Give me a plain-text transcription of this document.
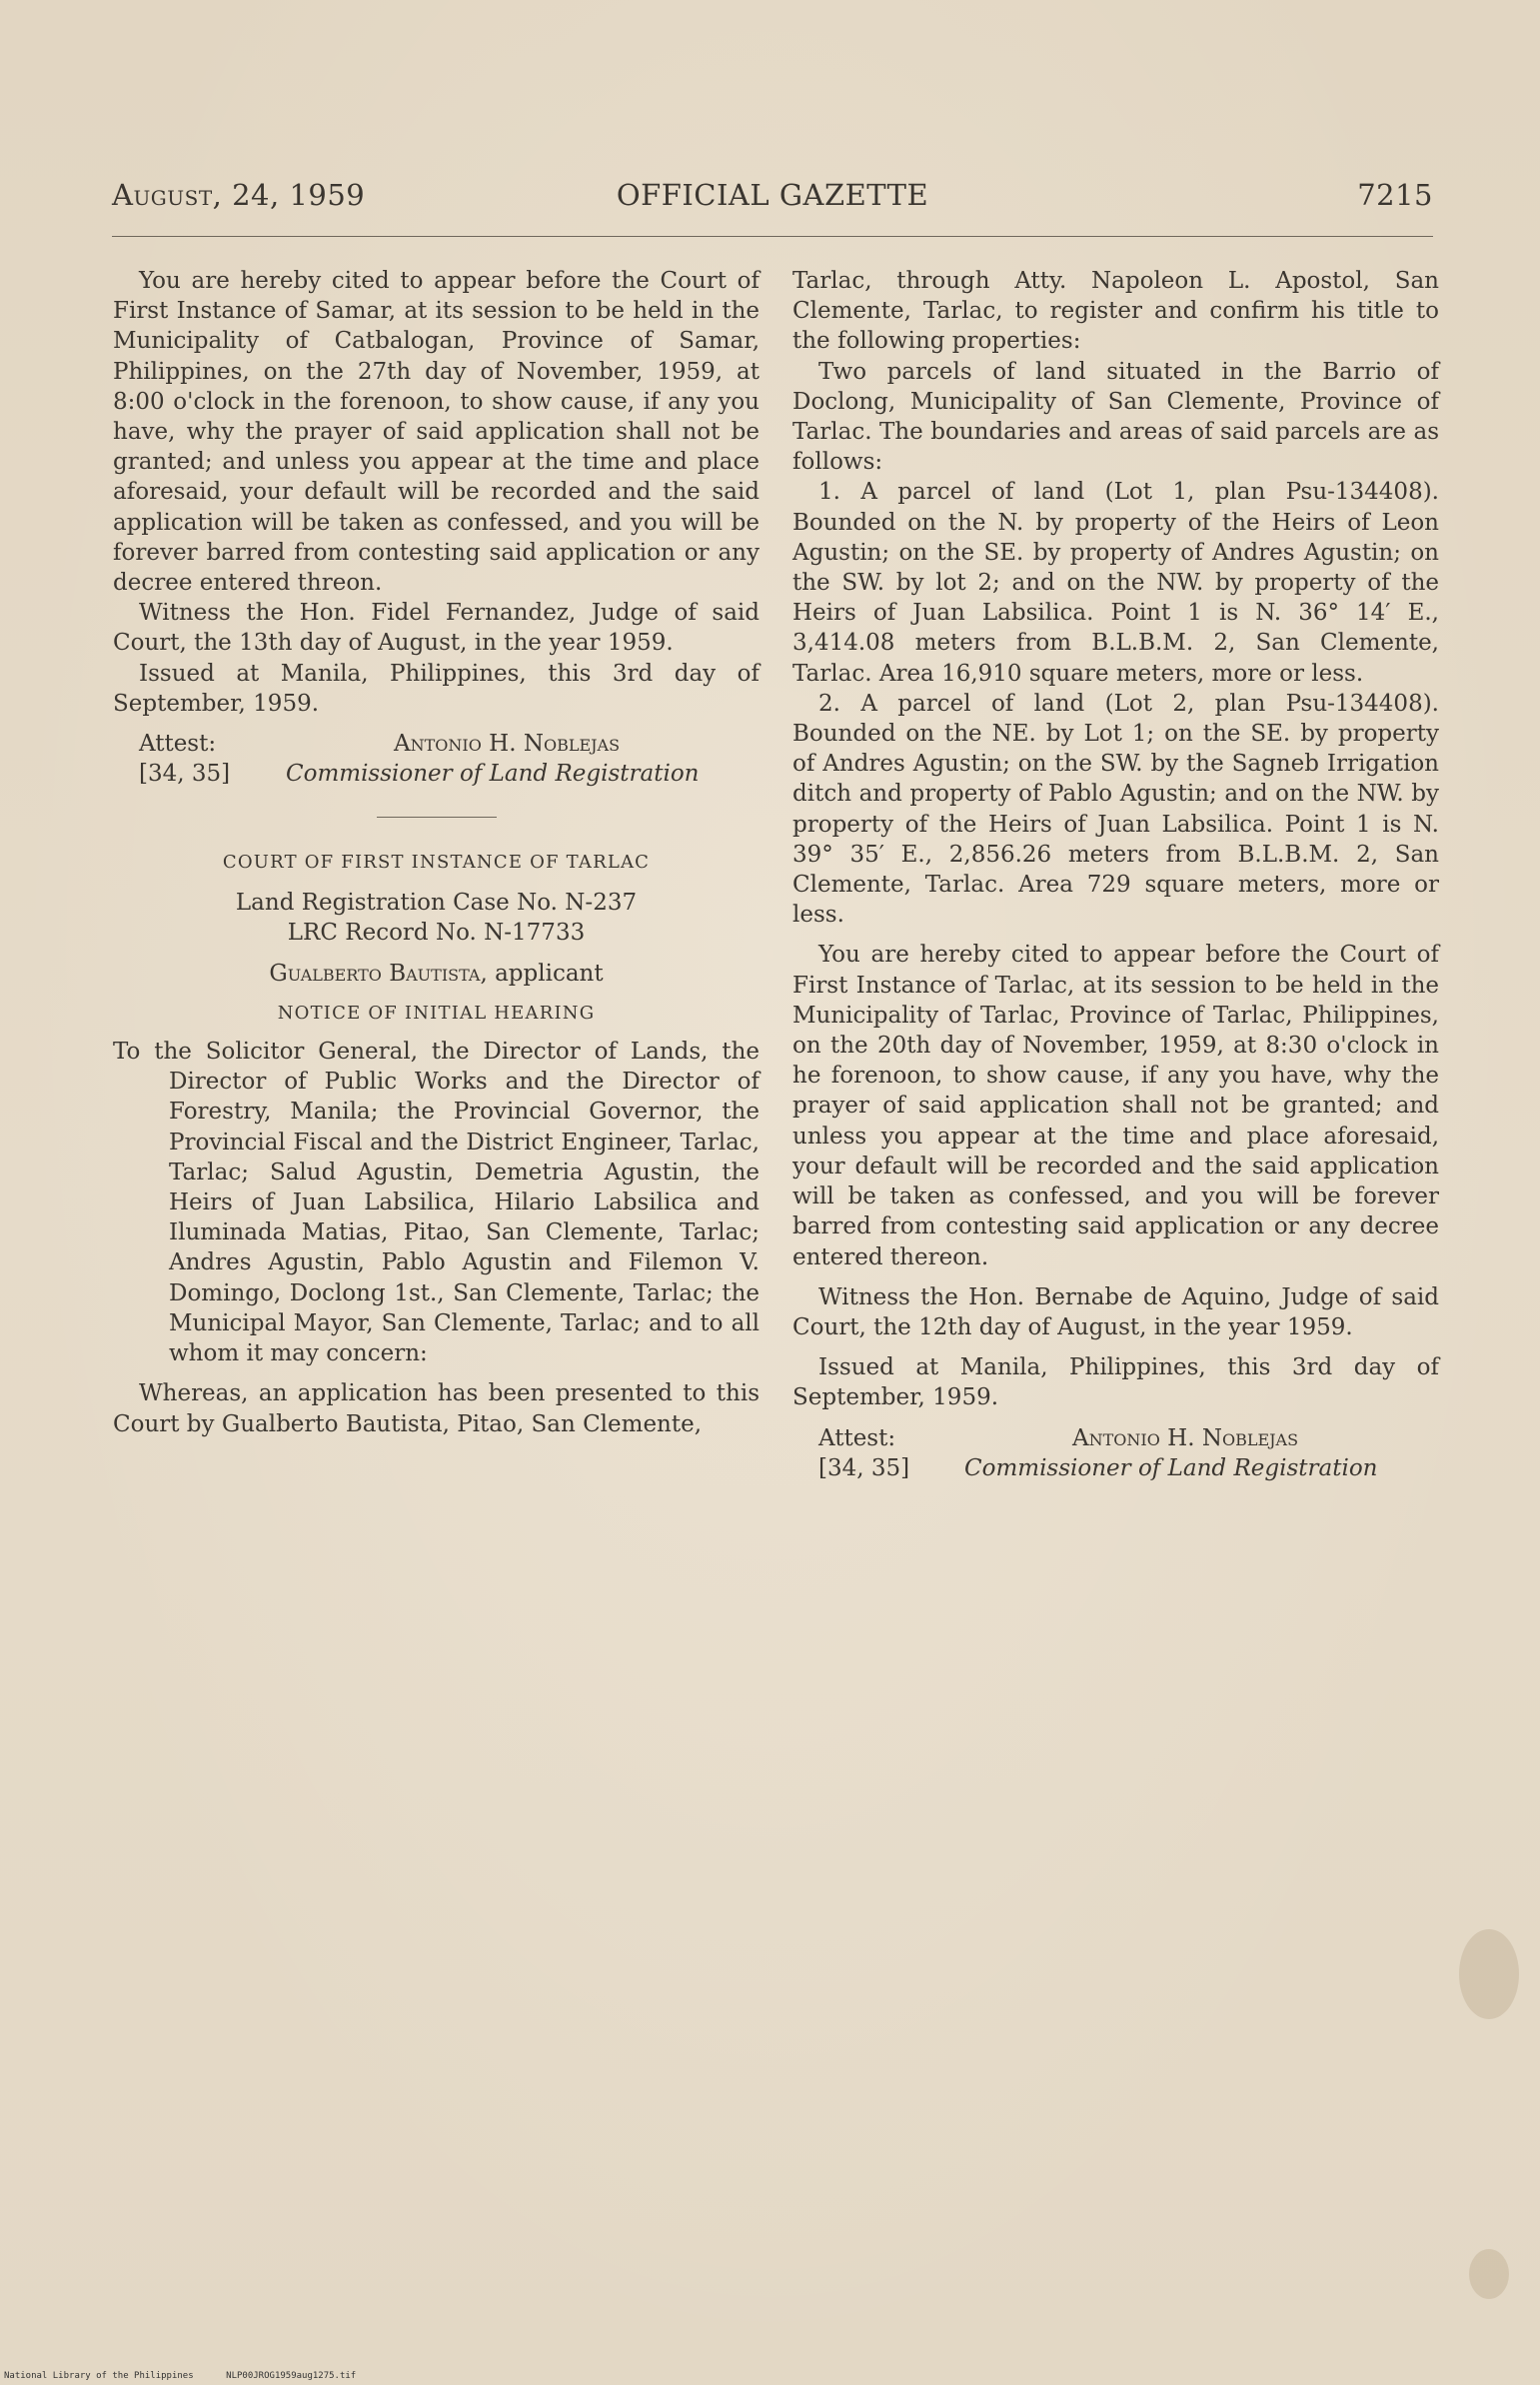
August, 24, 1959	OFFICIAL GAZETTE	7215

You are hereby cited to appear before the Court of First Instance of Samar, at its session to be held in the Municipality of Catbalogan, Province of Samar, Philippines, on the 27th day of November, 1959, at 8:00 o'clock in the forenoon, to show cause, if any you have, why the prayer of said application shall not be granted; and unless you appear at the time and place aforesaid, your default will be recorded and the said application will be taken as confessed, and you will be forever barred from contesting said application or any decree entered threon.

Witness the Hon. Fidel Fernandez, Judge of said Court, the 13th day of August, in the year 1959.

Issued at Manila, Philippines, this 3rd day of September, 1959.

Attest:	Antonio H. Noblejas
[34, 35] Commissioner of Land Registration

COURT OF FIRST INSTANCE OF TARLAC

Land Registration Case No. N-237

LRC Record No. N-17733

Gualberto Bautista, applicant

NOTICE OF INITIAL HEARING

To the Solicitor General, the Director of Lands, the Director of Public Works and the Director of Forestry, Manila; the Provincial Governor, the Provincial Fiscal and the District Engineer, Tarlac, Tarlac; Salud Agustin, Demetria Agustin, the Heirs of Juan Labsilica, Hilario Labsilica and Iluminada Matias, Pitao, San Clemente, Tarlac; Andres Agustin, Pablo Agustin and Filemon V. Domingo, Doclong 1st., San Clemente, Tarlac; the Municipal Mayor, San Clemente, Tarlac; and to all whom it may concern:

Whereas, an application has been presented to this Court by Gualberto Bautista, Pitao, San Clemente,

Tarlac, through Atty. Napoleon L. Apostol, San Clemente, Tarlac, to register and confirm his title to the following properties:

Two parcels of land situated in the Barrio of Doclong, Municipality of San Clemente, Province of Tarlac. The boundaries and areas of said parcels are as follows:

1. A parcel of land (Lot 1, plan Psu-134408). Bounded on the N. by property of the Heirs of Leon Agustin; on the SE. by property of Andres Agustin; on the SW. by lot 2; and on the NW. by property of the Heirs of Juan Labsilica. Point 1 is N. 36° 14′ E., 3,414.08 meters from B.L.B.M. 2, San Clemente, Tarlac. Area 16,910 square meters, more or less.

2. A parcel of land (Lot 2, plan Psu-134408). Bounded on the NE. by Lot 1; on the SE. by property of Andres Agustin; on the SW. by the Sagneb Irrigation ditch and property of Pablo Agustin; and on the NW. by property of the Heirs of Juan Labsilica. Point 1 is N. 39° 35′ E., 2,856.26 meters from B.L.B.M. 2, San Clemente, Tarlac. Area 729 square meters, more or less.

You are hereby cited to appear before the Court of First Instance of Tarlac, at its session to be held in the Municipality of Tarlac, Province of Tarlac, Philippines, on the 20th day of November, 1959, at 8:30 o'clock in he forenoon, to show cause, if any you have, why the prayer of said application shall not be granted; and unless you appear at the time and place aforesaid, your default will be recorded and the said application will be taken as confessed, and you will be forever barred from contesting said application or any decree entered thereon.

Witness the Hon. Bernabe de Aquino, Judge of said Court, the 12th day of August, in the year 1959.

Issued at Manila, Philippines, this 3rd day of September, 1959.

Attest:	Antonio H. Noblejas
[34, 35] Commissioner of Land Registration
National Library of the Philippines	NLP00JROG1959aug1275.tif
